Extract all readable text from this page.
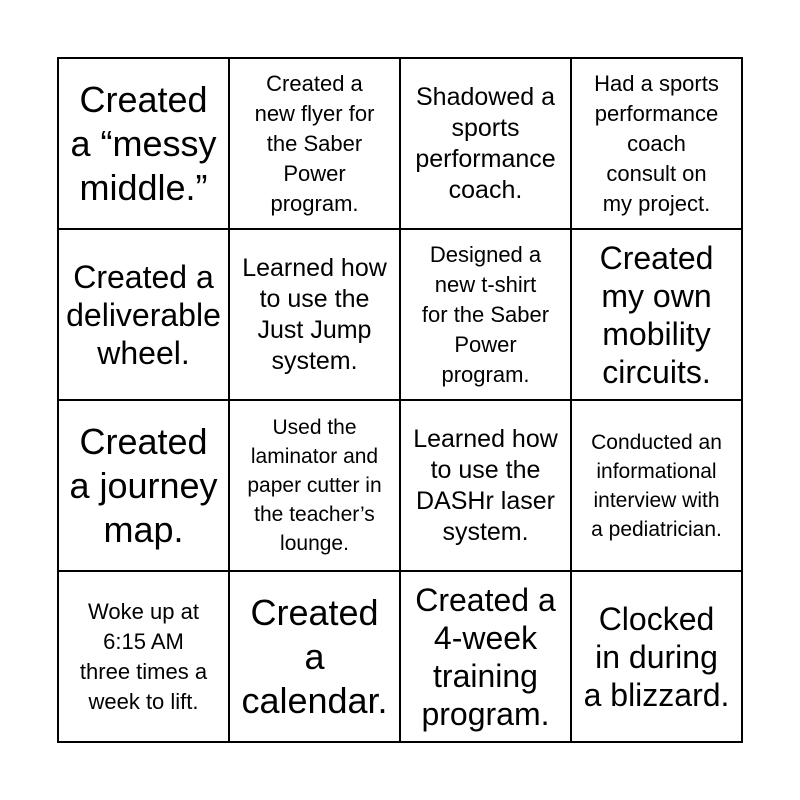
Created
a “messy
middle.”
Created a
new flyer for
the Saber
Power
program.
Shadowed a
sports
performance
coach.
Had a sports
performance
coach
consult on
my project.
Created a
deliverable
wheel.
Learned how
to use the
Just Jump
system.
Designed a
new t-shirt
for the Saber
Power
program.
Created
my own
mobility
circuits.
Created
a journey
map.
Used the
laminator and
paper cutter in
the teacher’s
lounge.
Learned how
to use the
DASHr laser
system.
Conducted an
informational
interview with
a pediatrician.
Woke up at
6:15 AM
three times a
week to lift.
Created
a
calendar.
Created a
4-week
training
program.
Clocked
in during
a blizzard.
